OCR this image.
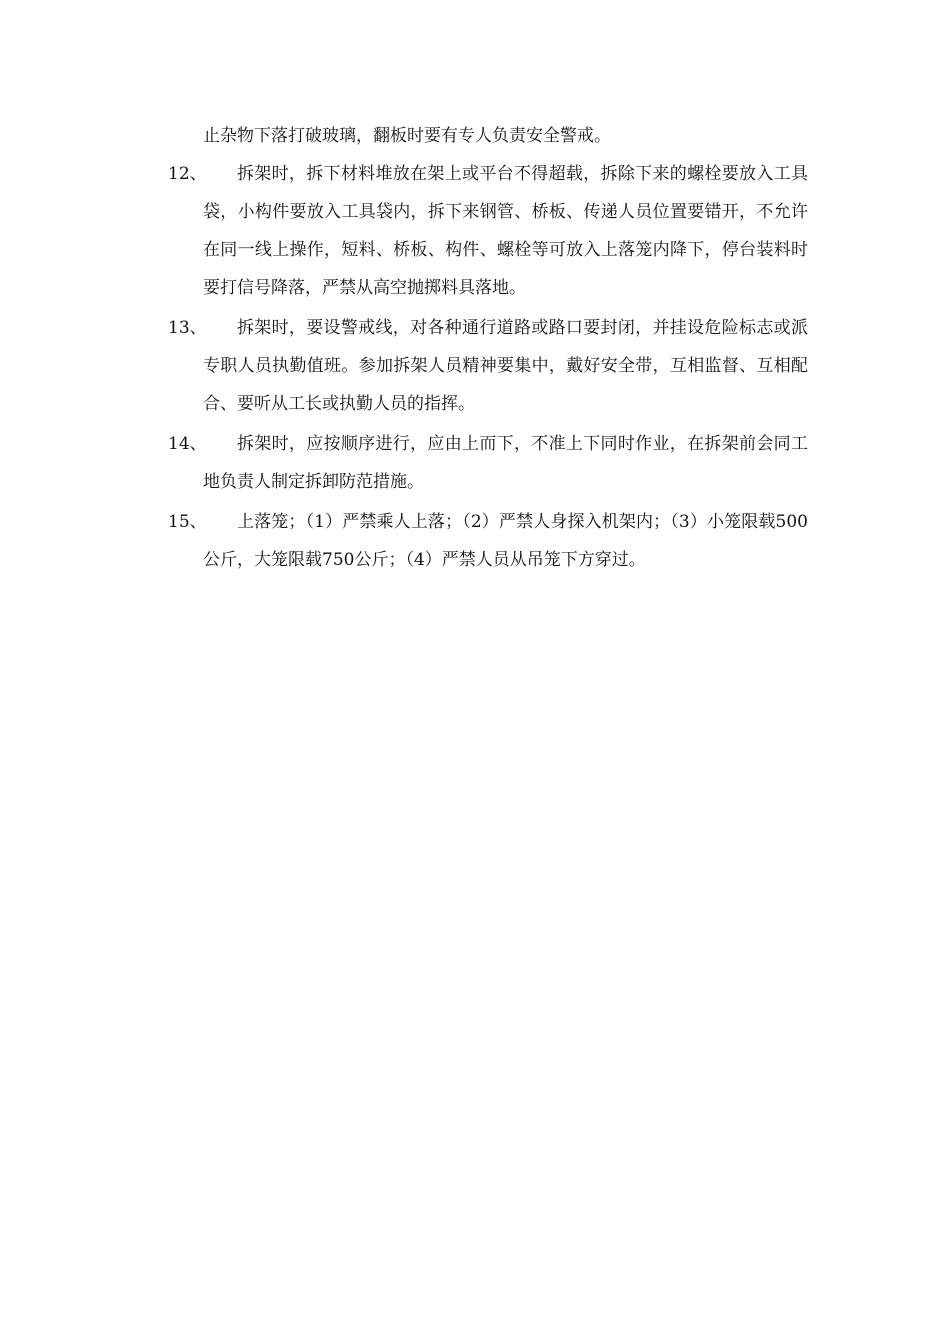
止杂物下落打破玻璃，翻板时要有专人负责安全警戒。
12、	拆架时，拆下材料堆放在架上或平台不得超载，拆除下来的螺栓要放入工具袋，小构件要放入工具袋内，拆下来钢管、桥板、传递人员位置要错开，不允许在同一线上操作，短料、桥板、构件、螺栓等可放入上落笼内降下，停台装料时要打信号降落，严禁从高空抛掷料具落地。
13、	拆架时，要设警戒线，对各种通行道路或路口要封闭，并挂设危险标志或派专职人员执勤值班。参加拆架人员精神要集中，戴好安全带，互相监督、互相配合、要听从工长或执勤人员的指挥。
14、	拆架时，应按顺序进行，应由上而下，不准上下同时作业，在拆架前会同工地负责人制定拆卸防范措施。
15、	上落笼；（1）严禁乘人上落；（2）严禁人身探入机架内；（3）小笼限载500公斤，大笼限载750公斤；（4）严禁人员从吊笼下方穿过。
